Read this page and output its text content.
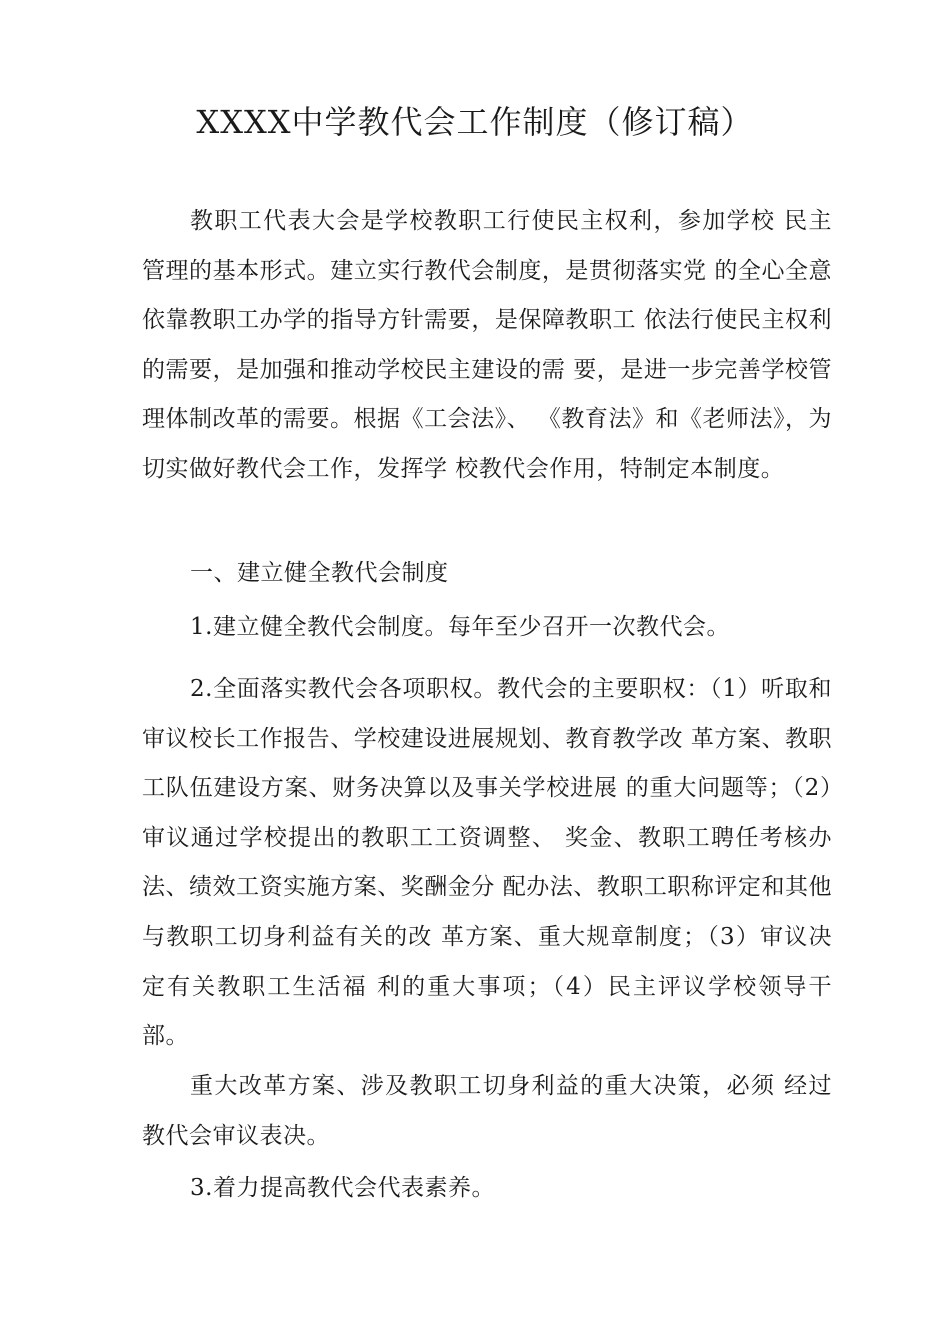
XXXX中学教代会工作制度（修订稿）

教职工代表大会是学校教职工行使民主权利，参加学校 民主管理的基本形式。建立实行教代会制度，是贯彻落实党 的全心全意依靠教职工办学的指导方针需要，是保障教职工 依法行使民主权利的需要，是加强和推动学校民主建设的需 要，是进一步完善学校管理体制改革的需要。根据《工会法》、 《教育法》和《老师法》，为切实做好教代会工作，发挥学 校教代会作用，特制定本制度。

一、建立健全教代会制度

1.建立健全教代会制度。每年至少召开一次教代会。

2.全面落实教代会各项职权。教代会的主要职权：（1）听取和审议校长工作报告、学校建设进展规划、教育教学改 革方案、教职工队伍建设方案、财务决算以及事关学校进展 的重大问题等；（2）审议通过学校提出的教职工工资调整、 奖金、教职工聘任考核办法、绩效工资实施方案、奖酬金分 配办法、教职工职称评定和其他与教职工切身利益有关的改 革方案、重大规章制度；（3）审议决定有关教职工生活福 利的重大事项；（4）民主评议学校领导干部。

重大改革方案、涉及教职工切身利益的重大决策，必须 经过教代会审议表决。

3.着力提高教代会代表素养。
